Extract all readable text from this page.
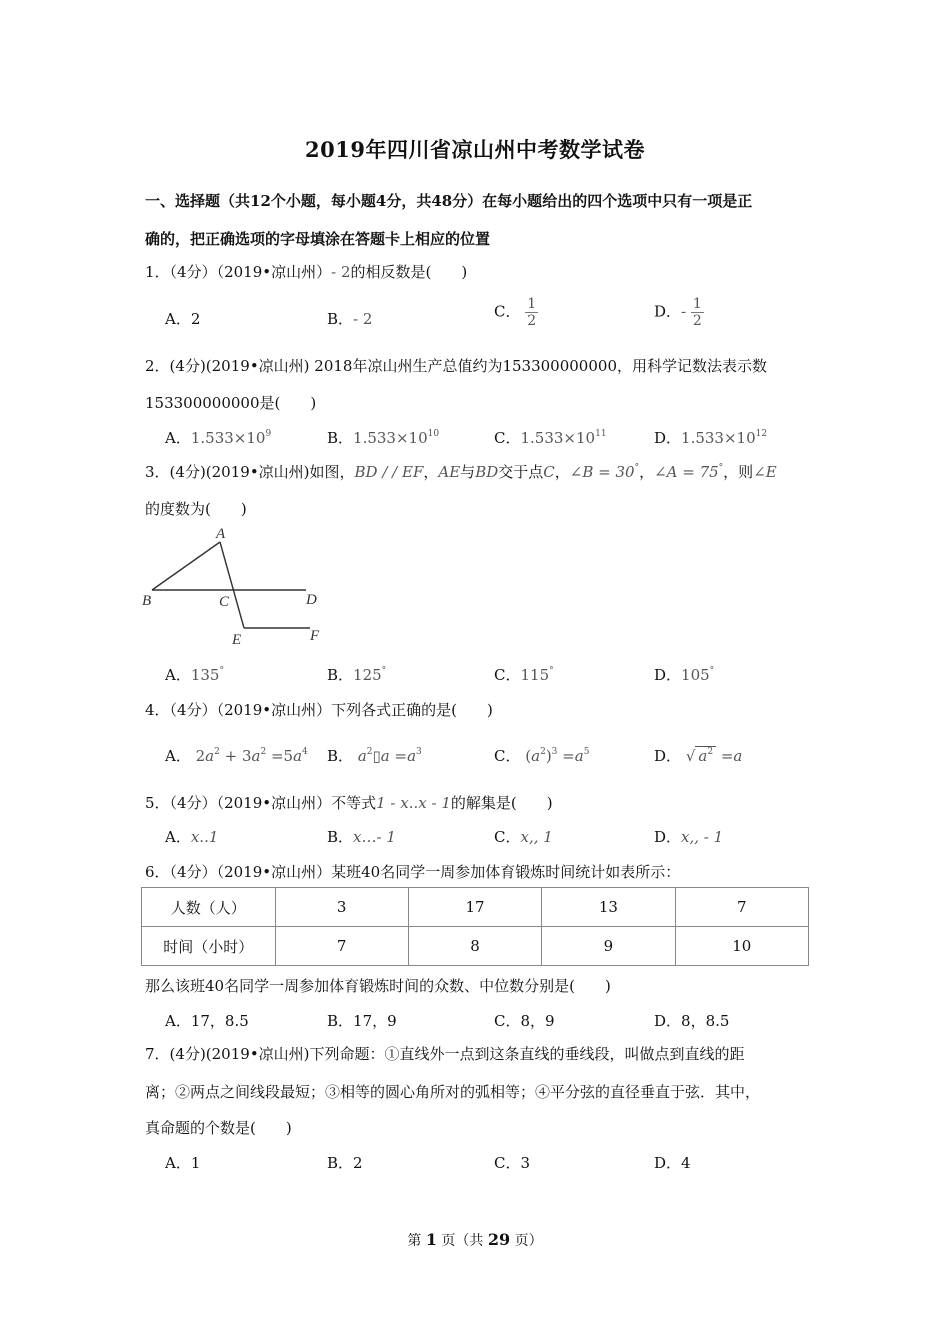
2019年四川省凉山州中考数学试卷
一、选择题（共12个小题，每小题4分，共48分）在每小题给出的四个选项中只有一项是正
确的，把正确选项的字母填涂在答题卡上相应的位置
1．（4分）（2019•凉山州）- 2的相反数是(　　)
A．2	B．- 2	C． $\frac{1}{2}$	D．- $\frac{1}{2}$
2．(4分)(2019•凉山州) 2018年凉山州生产总值约为153300000000，用科学记数法表示数
153300000000是(　　)
A．$1.533\times 10^9$	B．$1.533\times 10^{10}$	C．$1.533\times 10^{11}$	D．$1.533\times 10^{12}$
3．(4分)(2019•凉山州)如图，BD / / EF，AE与BD交于点C，∠B = 30°，∠A = 75°，则∠E
的度数为(　　)
A
B	C	D
E	F
A．135°	B．125°	C．115°	D．105°
4．（4分）（2019•凉山州）下列各式正确的是(　　)
A． $2a^2 + 3a^2 =5a^4$ B． $a^2▯a =a^3$	C． $(a^2)^3 =a^5$	D． √ $a^2 =a$
5．（4分）（2019•凉山州）不等式1 - x..x - 1的解集是(　　)
A．x..1	B．x…- 1	C．x,, 1	D．x,, - 1
6．（4分）（2019•凉山州）某班40名同学一周参加体育锻炼时间统计如表所示：
人数（人）	3	17	13	7
时间（小时）	7	8	9	10
那么该班40名同学一周参加体育锻炼时间的众数、中位数分别是(　　)
A．17，8.5	B．17，9	C．8，9	D．8，8.5
7．(4分)(2019•凉山州)下列命题：①直线外一点到这条直线的垂线段，叫做点到直线的距
离；②两点之间线段最短；③相等的圆心角所对的弧相等；④平分弦的直径垂直于弦．其中，
真命题的个数是(　　)
A．1	B．2	C．3	D．4
第 1 页（共 29 页）
